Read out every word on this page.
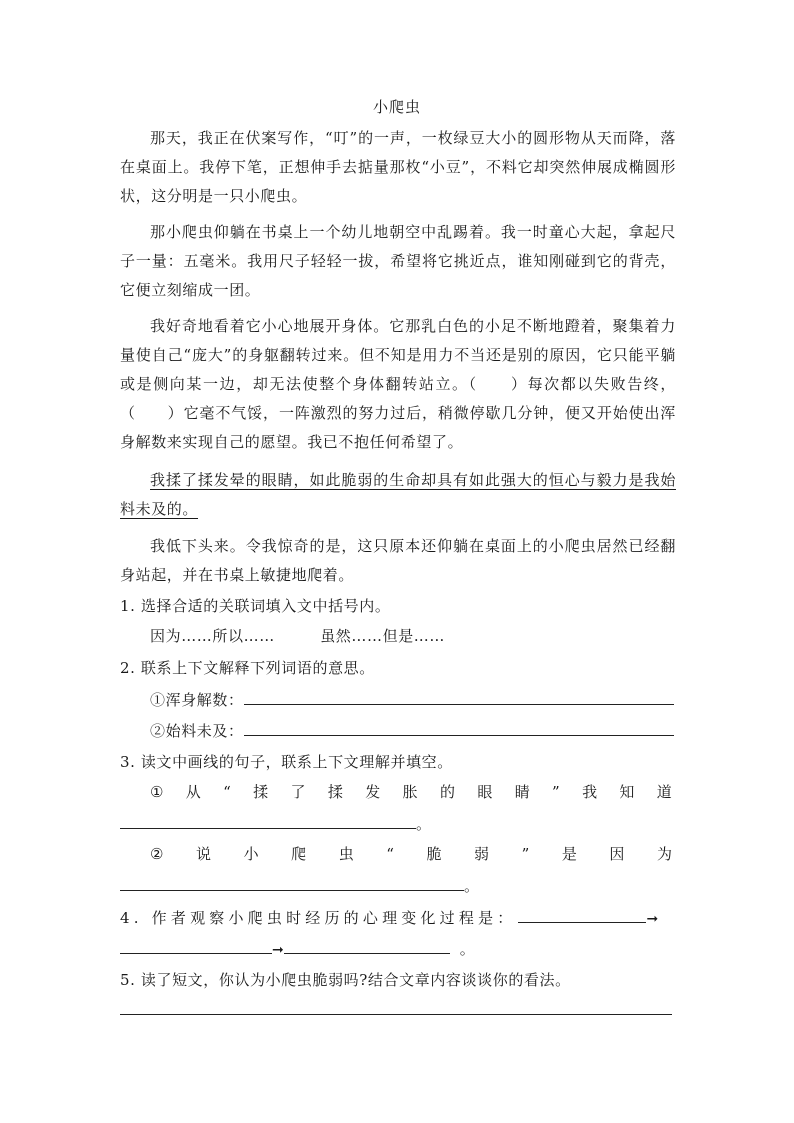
小爬虫
那天，我正在伏案写作，“叮”的一声，一枚绿豆大小的圆形物从天而降，落在桌面上。我停下笔，正想伸手去掂量那枚“小豆”，不料它却突然伸展成椭圆形状，这分明是一只小爬虫。
那小爬虫仰躺在书桌上一个幼儿地朝空中乱踢着。我一时童心大起，拿起尺子一量：五毫米。我用尺子轻轻一拔，希望将它挑近点，谁知刚碰到它的背壳，它便立刻缩成一团。
我好奇地看着它小心地展开身体。它那乳白色的小足不断地蹬着，聚集着力量使自己“庞大”的身躯翻转过来。但不知是用力不当还是别的原因，它只能平躺或是侧向某一边，却无法使整个身体翻转站立。（　　）每次都以失败告终，（　　）它毫不气馁，一阵激烈的努力过后，稍微停歇几分钟，便又开始使出浑身解数来实现自己的愿望。我已不抱任何希望了。
我揉了揉发晕的眼睛，如此脆弱的生命却具有如此强大的恒心与毅力是我始料未及的。
我低下头来。令我惊奇的是，这只原本还仰躺在桌面上的小爬虫居然已经翻身站起，并在书桌上敏捷地爬着。
1. 选择合适的关联词填入文中括号内。
因为……所以……	虽然……但是……
2. 联系上下文解释下列词语的意思。
①浑身解数：
②始料未及：
3. 读文中画线的句子，联系上下文理解并填空。
① 从 “ 揉 了 揉 发 胀 的 眼 睛 ” 我 知 道
。
② 说 小 爬 虫 “ 脆 弱 ” 是 因 为
。
4. 作者观察小爬虫时经历的心理变化过程是：	➞
➞	。
5. 读了短文，你认为小爬虫脆弱吗?结合文章内容谈谈你的看法。
